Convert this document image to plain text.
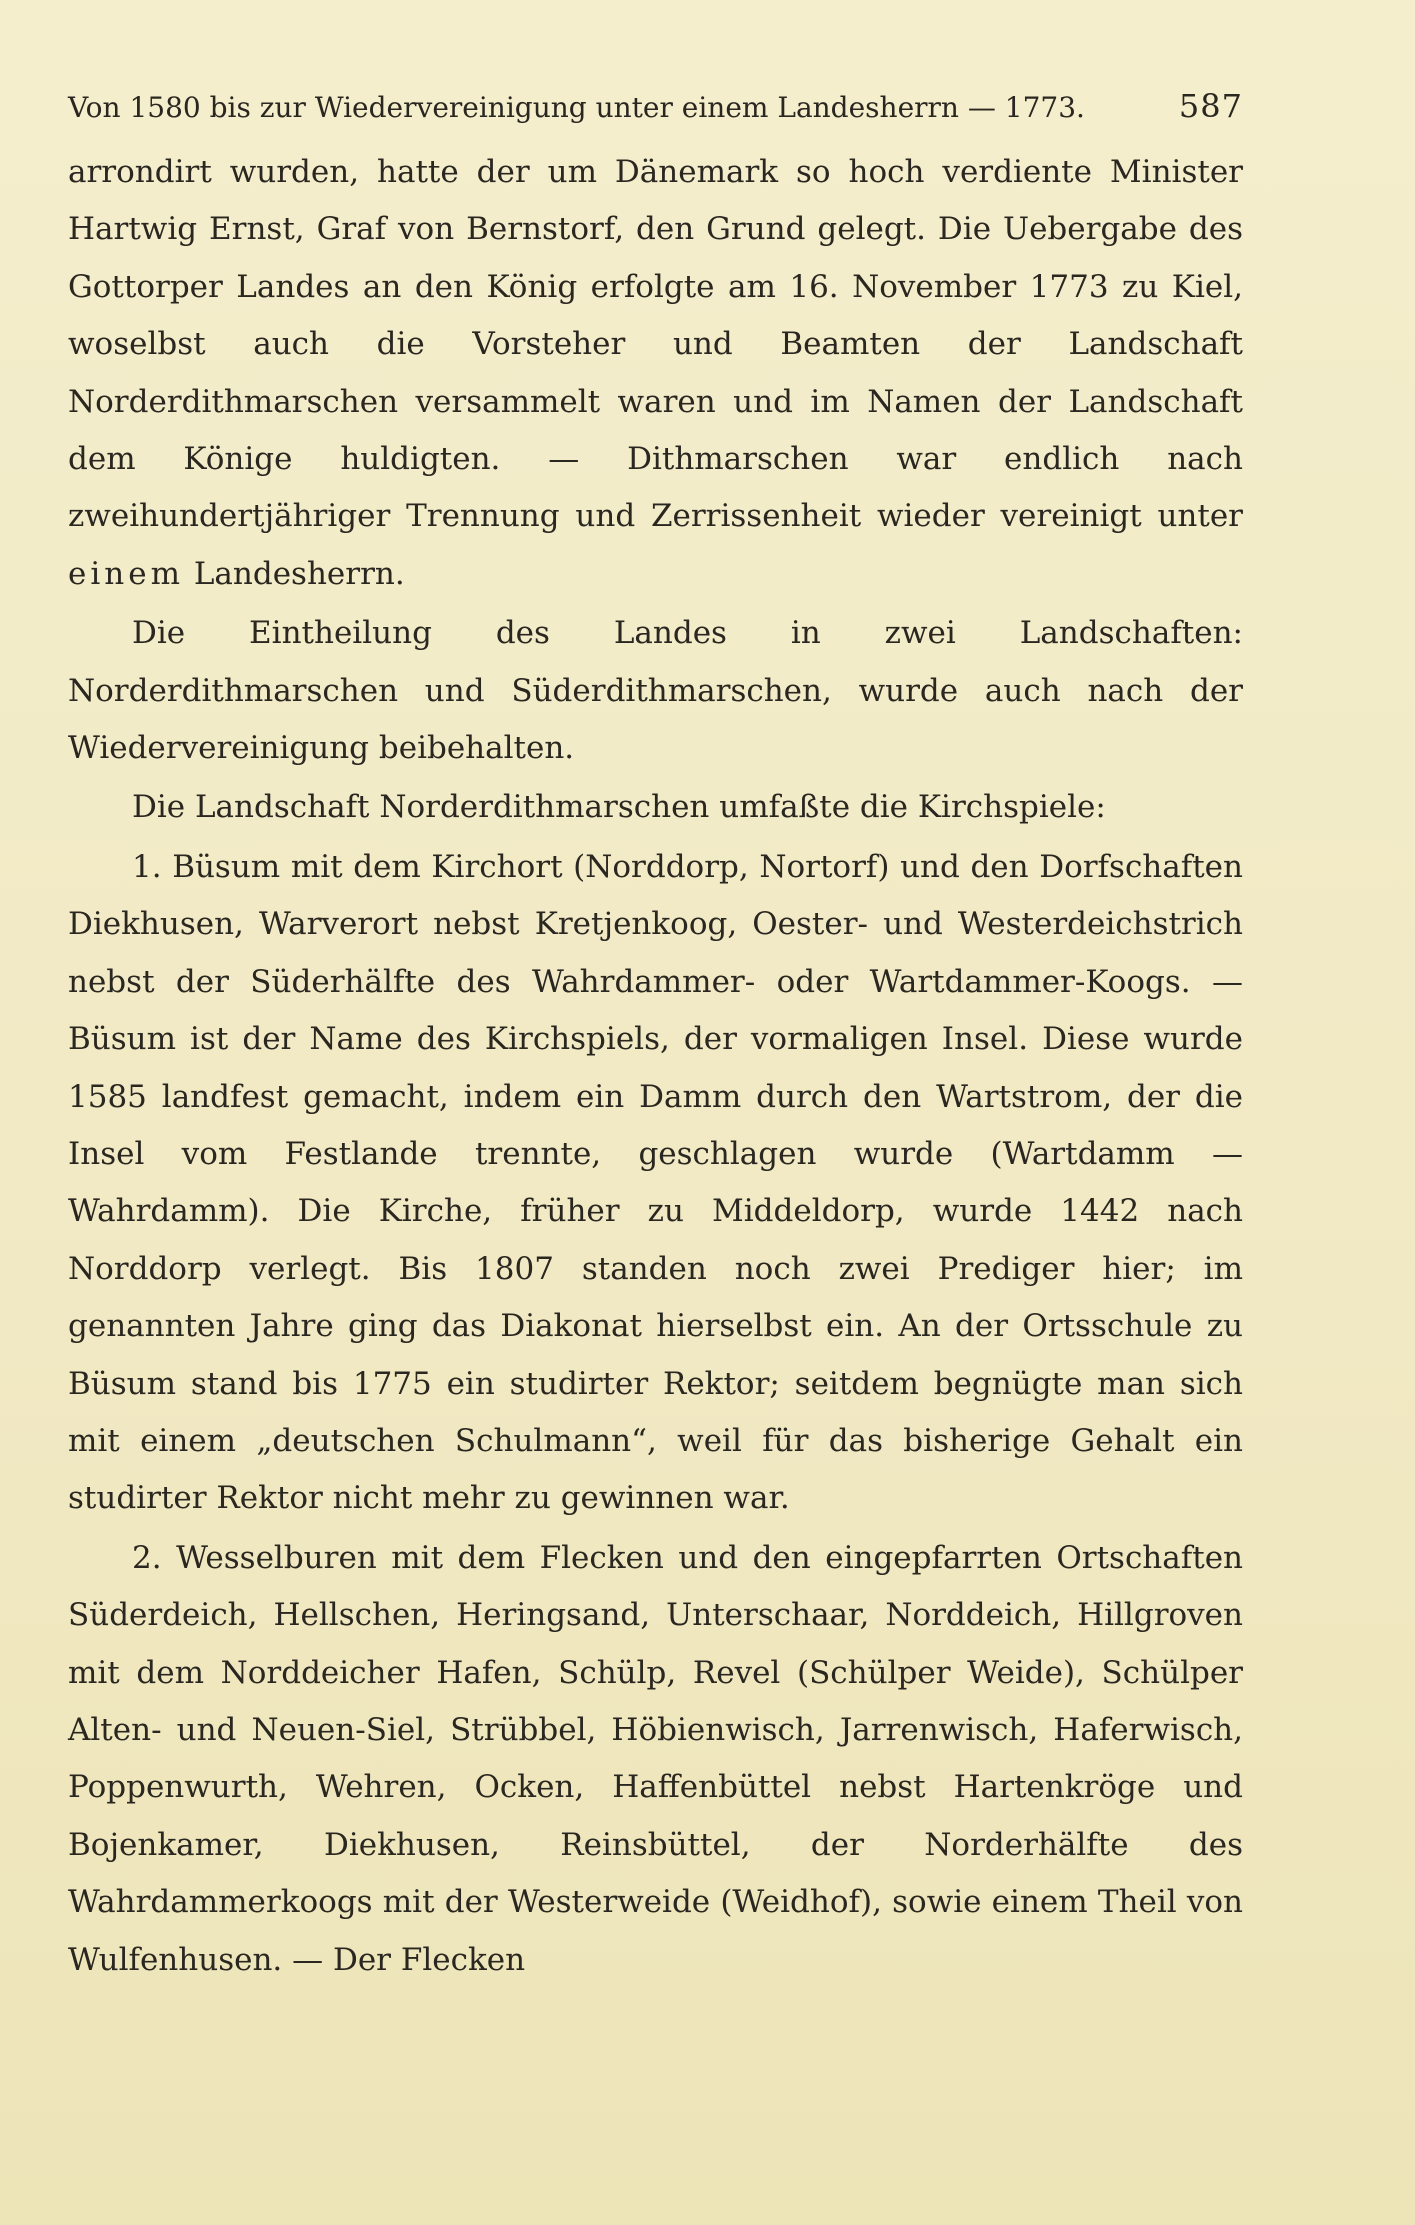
Von 1580 bis zur Wiedervereinigung unter einem Landesherrn — 1773.	587

arrondirt wurden, hatte der um Dänemark so hoch verdiente Minister Hartwig Ernst, Graf von Bernstorf, den Grund gelegt. Die Uebergabe des Gottorper Landes an den König erfolgte am 16. November 1773 zu Kiel, woselbst auch die Vorsteher und Beamten der Landschaft Norderdithmarschen versammelt waren und im Namen der Landschaft dem Könige huldigten. — Dithmarschen war endlich nach zweihundertjähriger Trennung und Zerrissenheit wieder vereinigt unter einem Landesherrn.

Die Eintheilung des Landes in zwei Landschaften: Norderdithmarschen und Süderdithmarschen, wurde auch nach der Wiedervereinigung beibehalten.

Die Landschaft Norderdithmarschen umfaßte die Kirchspiele:

1. Büsum mit dem Kirchort (Norddorp, Nortorf) und den Dorfschaften Diekhusen, Warverort nebst Kretjenkoog, Oester- und Westerdeichstrich nebst der Süderhälfte des Wahrdammer- oder Wartdammer-Koogs. — Büsum ist der Name des Kirchspiels, der vormaligen Insel. Diese wurde 1585 landfest gemacht, indem ein Damm durch den Wartstrom, der die Insel vom Festlande trennte, geschlagen wurde (Wartdamm — Wahrdamm). Die Kirche, früher zu Middeldorp, wurde 1442 nach Norddorp verlegt. Bis 1807 standen noch zwei Prediger hier; im genannten Jahre ging das Diakonat hierselbst ein. An der Ortsschule zu Büsum stand bis 1775 ein studirter Rektor; seitdem begnügte man sich mit einem „deutschen Schulmann“, weil für das bisherige Gehalt ein studirter Rektor nicht mehr zu gewinnen war.

2. Wesselburen mit dem Flecken und den eingepfarrten Ortschaften Süderdeich, Hellschen, Heringsand, Unterschaar, Norddeich, Hillgroven mit dem Norddeicher Hafen, Schülp, Revel (Schülper Weide), Schülper Alten- und Neuen-Siel, Strübbel, Höbienwisch, Jarrenwisch, Haferwisch, Poppenwurth, Wehren, Ocken, Haffenbüttel nebst Hartenkröge und Bojenkamer, Diekhusen, Reinsbüttel, der Norderhälfte des Wahrdammerkoogs mit der Westerweide (Weidhof), sowie einem Theil von Wulfenhusen. — Der Flecken
